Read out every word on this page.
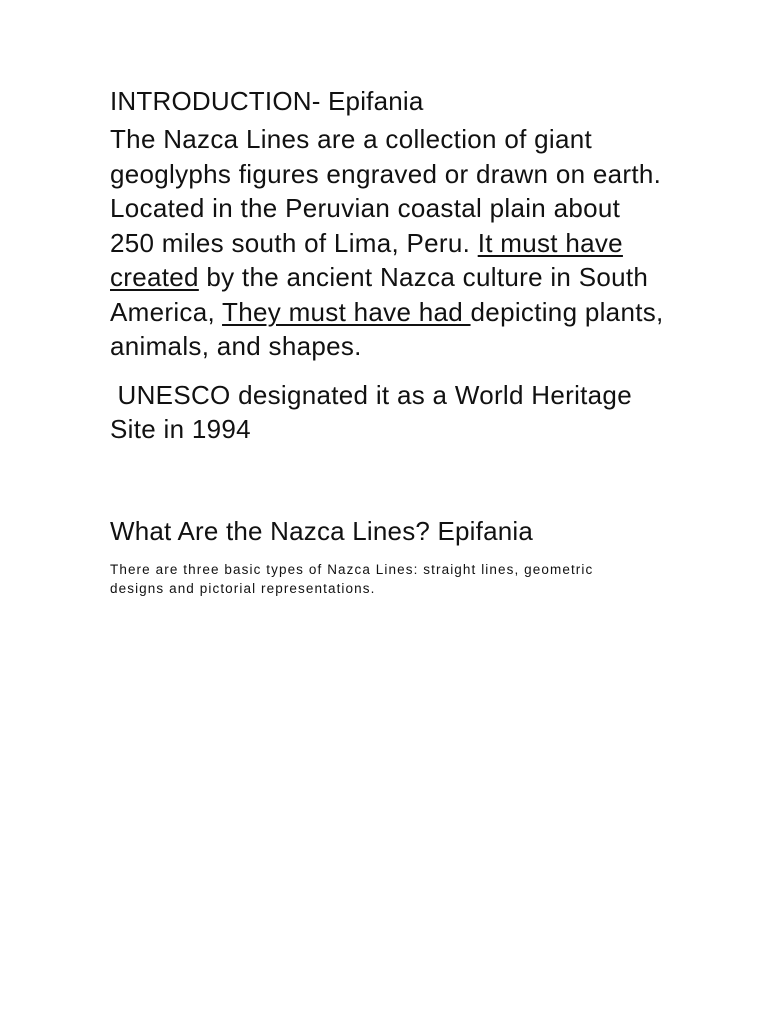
INTRODUCTION- Epifania

The Nazca Lines are a collection of giant geoglyphs figures engraved or drawn on earth. Located in the Peruvian coastal plain about 250 miles south of Lima, Peru. It must have created by the ancient Nazca culture in South America, They must have had depicting plants, animals, and shapes.

UNESCO designated it as a World Heritage Site in 1994

What Are the Nazca Lines? Epifania

There are three basic types of Nazca Lines: straight lines, geometric designs and pictorial representations.
